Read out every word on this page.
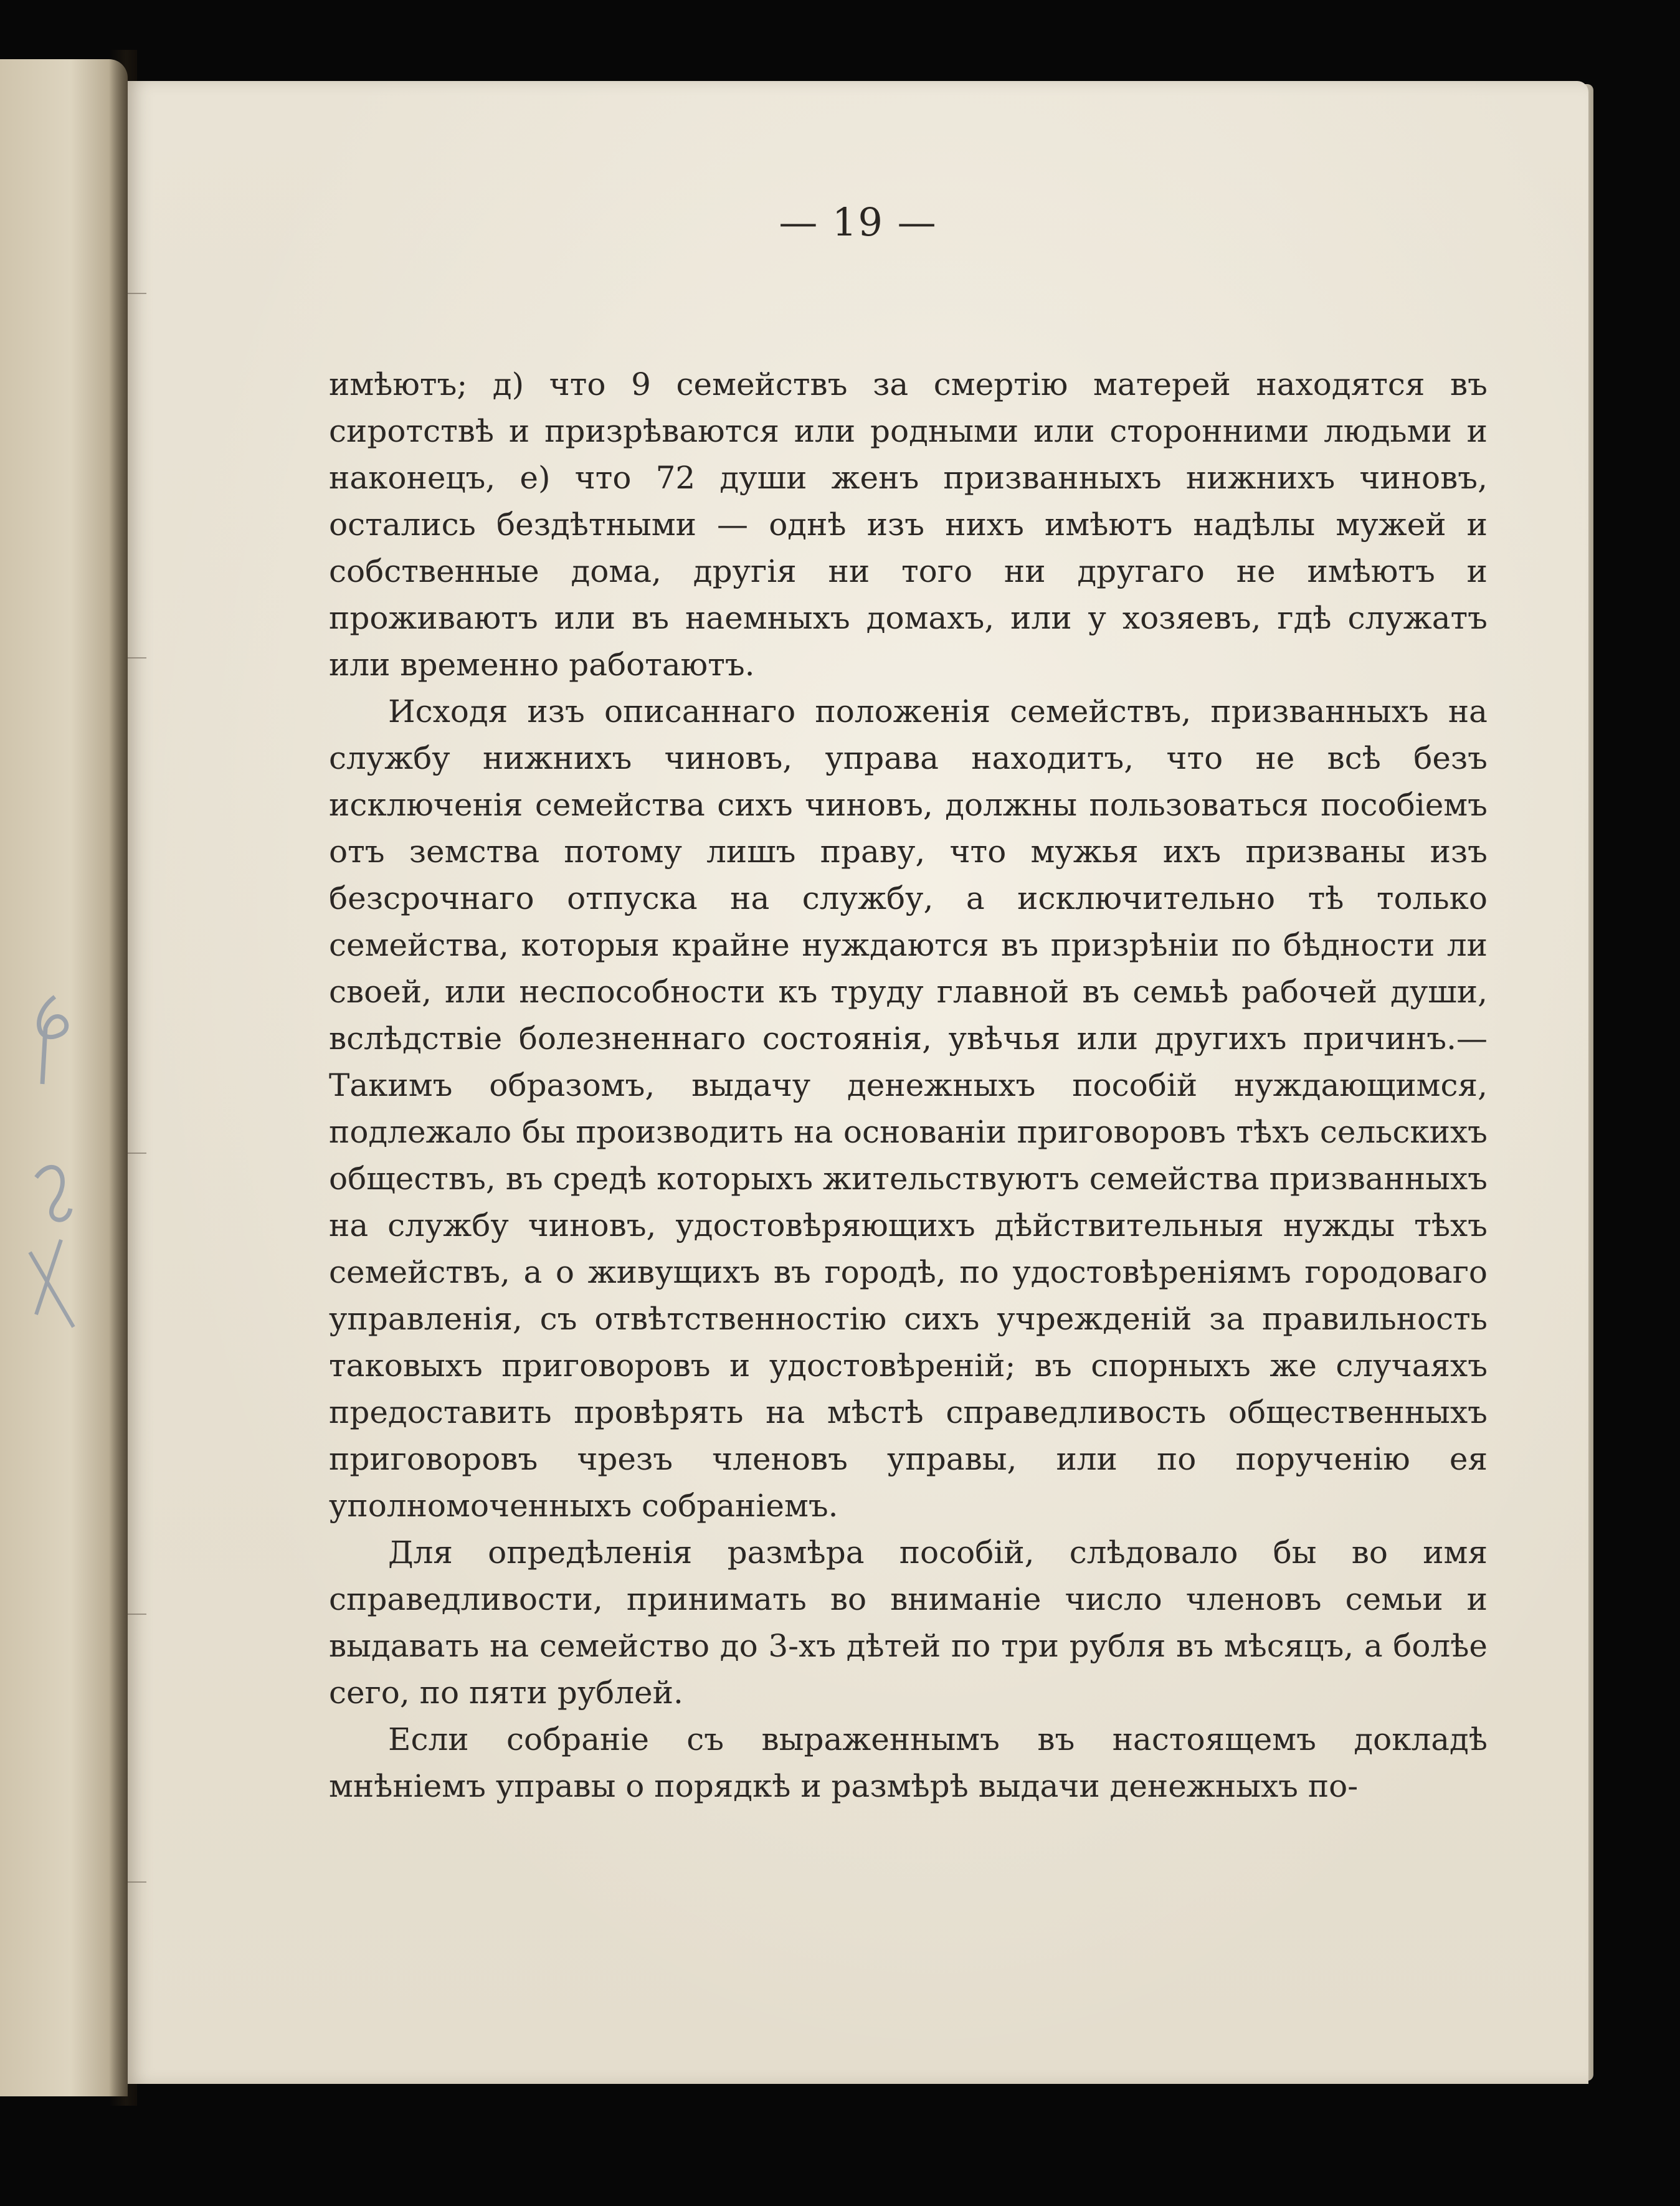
— 19 —

имѣютъ; д) что 9 семействъ за смертію матерей находятся въ сиротствѣ и призрѣваются или родными или сторонними людьми и наконецъ, е) что 72 души женъ призванныхъ нижнихъ чиновъ, остались бездѣтными — однѣ изъ нихъ имѣютъ надѣлы мужей и собственные дома, другія ни того ни другаго не имѣютъ и проживаютъ или въ наемныхъ домахъ, или у хозяевъ, гдѣ служатъ или временно работаютъ.

Исходя изъ описаннаго положенія семействъ, призванныхъ на службу нижнихъ чиновъ, управа находитъ, что не всѣ безъ исключенія семейства сихъ чиновъ, должны пользоваться пособіемъ отъ земства потому лишъ праву, что мужья ихъ призваны изъ безсрочнаго отпуска на службу, а исключительно тѣ только семейства, которыя крайне нуждаются въ призрѣніи по бѣдности ли своей, или неспособности къ труду главной въ семьѣ рабочей души, вслѣдствіе болезненнаго состоянія, увѣчья или другихъ причинъ.—Такимъ образомъ, выдачу денежныхъ пособій нуждающимся, подлежало бы производить на основаніи приговоровъ тѣхъ сельскихъ обществъ, въ средѣ которыхъ жительствуютъ семейства призванныхъ на службу чиновъ, удостовѣряющихъ дѣйствительныя нужды тѣхъ семействъ, а о живущихъ въ городѣ, по удостовѣреніямъ городоваго управленія, съ отвѣтственностію сихъ учрежденій за правильность таковыхъ приговоровъ и удостовѣреній; въ спорныхъ же случаяхъ предоставить провѣрять на мѣстѣ справедливость общественныхъ приговоровъ чрезъ членовъ управы, или по порученію ея уполномоченныхъ собраніемъ.

Для опредѣленія размѣра пособій, слѣдовало бы во имя справедливости, принимать во вниманіе число членовъ семьи и выдавать на семейство до 3-хъ дѣтей по три рубля въ мѣсяцъ, а болѣе сего, по пяти рублей.

Если собраніе съ выраженнымъ въ настоящемъ докладѣ мнѣніемъ управы о порядкѣ и размѣрѣ выдачи денежныхъ по-
